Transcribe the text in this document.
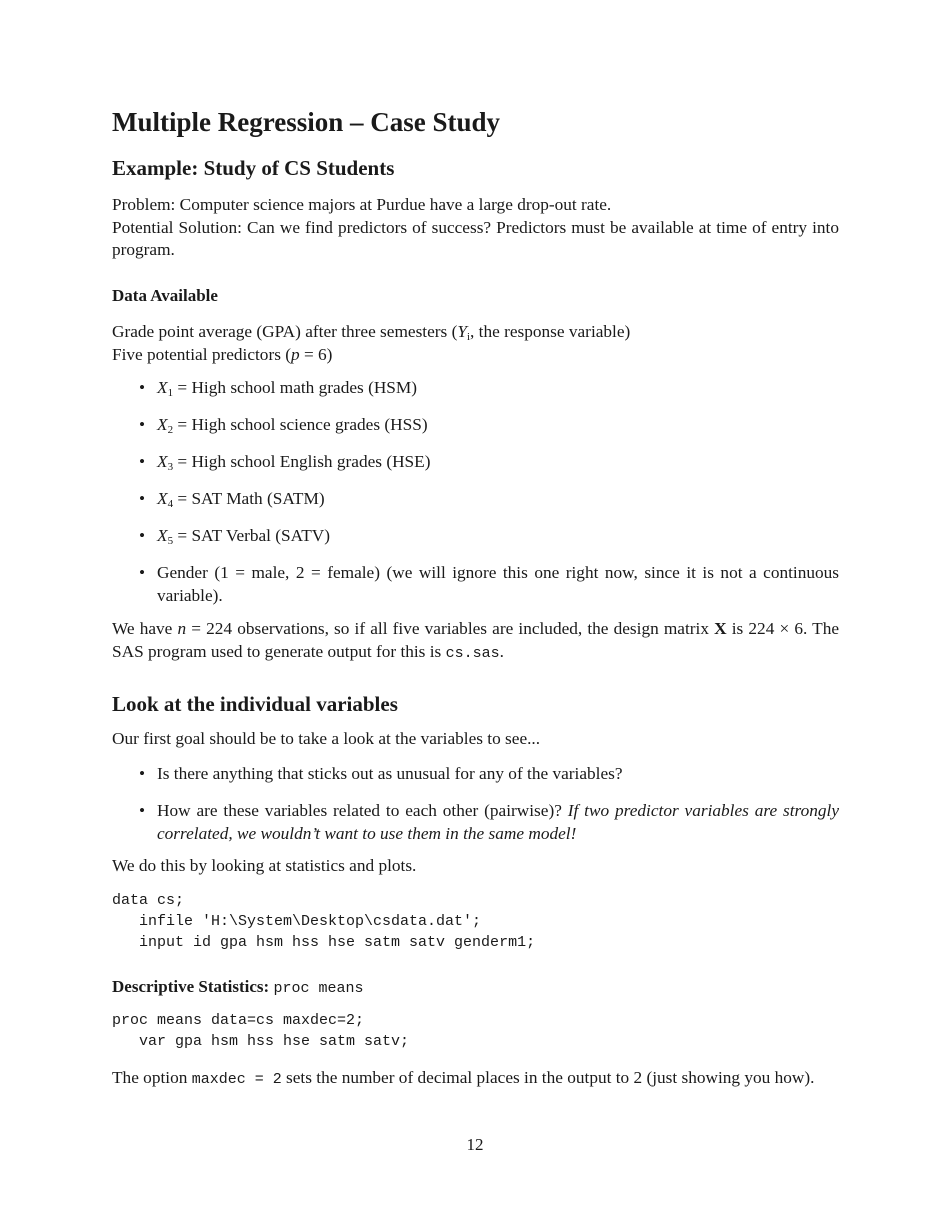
Multiple Regression – Case Study
Example: Study of CS Students

Problem: Computer science majors at Purdue have a large drop-out rate.

Potential Solution: Can we find predictors of success? Predictors must be available at time of entry into program.

Data Available

Grade point average (GPA) after three semesters ($Y_i$, the response variable)

Five potential predictors (p = 6)

• $X_1$ = High school math grades (HSM)
• $X_2$ = High school science grades (HSS)
• $X_3$ = High school English grades (HSE)
• $X_4$ = SAT Math (SATM)
• $X_5$ = SAT Verbal (SATV)
• Gender (1 = male, 2 = female) (we will ignore this one right now, since it is not a continuous variable).

We have n = 224 observations, so if all five variables are included, the design matrix X is 224 × 6. The SAS program used to generate output for this is cs.sas.

Look at the individual variables

Our first goal should be to take a look at the variables to see...

• Is there anything that sticks out as unusual for any of the variables?
• How are these variables related to each other (pairwise)? If two predictor variables are strongly correlated, we wouldn’t want to use them in the same model!

We do this by looking at statistics and plots.

data cs;
infile 'H:\System\Desktop\csdata.dat';
input id gpa hsm hss hse satm satv genderm1;
Descriptive Statistics: proc means
proc means data=cs maxdec=2;
var gpa hsm hss hse satm satv;

The option maxdec = 2 sets the number of decimal places in the output to 2 (just showing you how).

12
